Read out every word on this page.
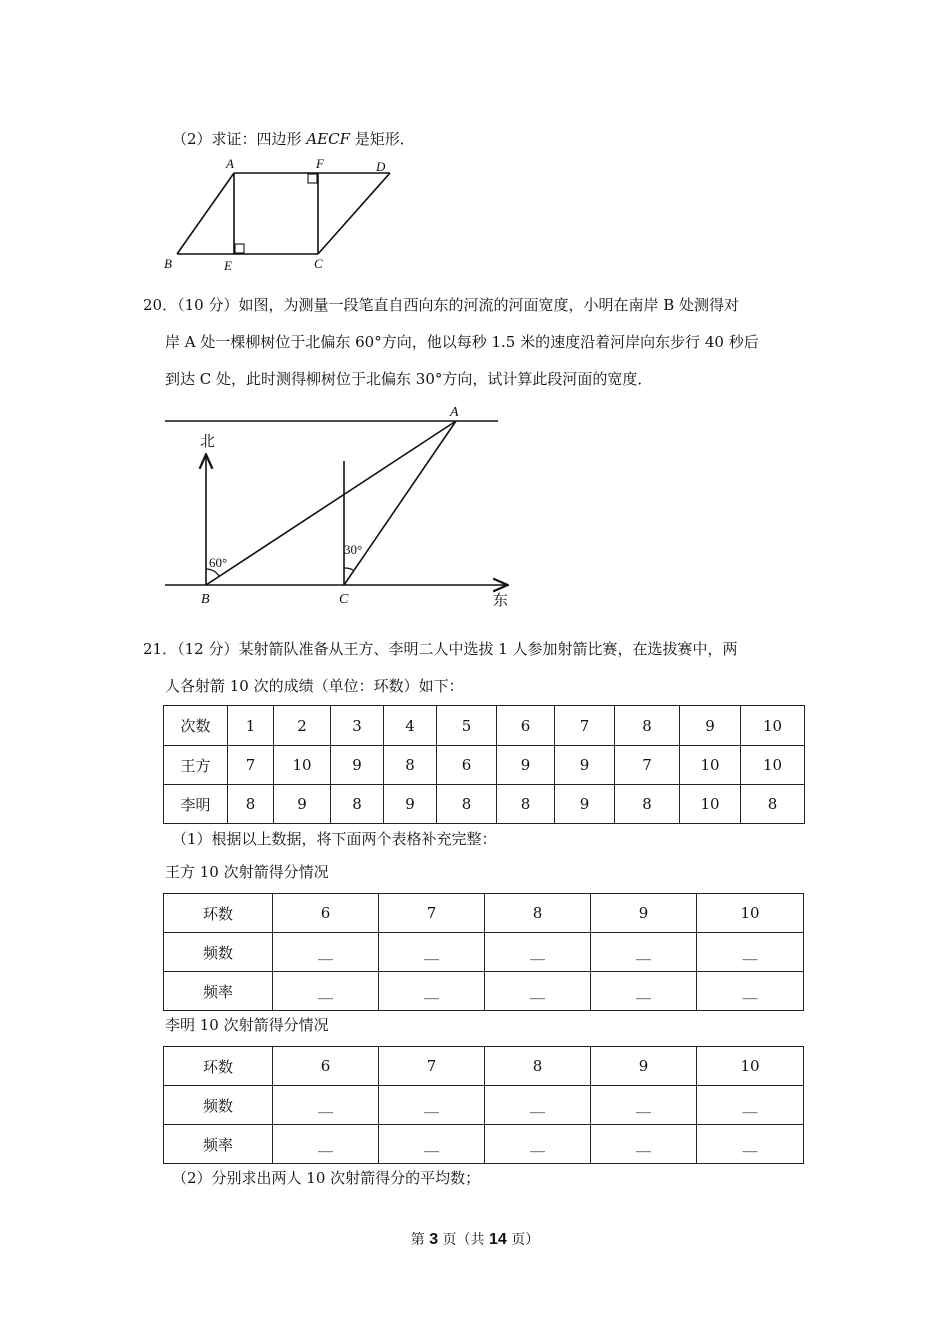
（2）求证：四边形 AECF 是矩形．
A	F	D
B	E	C
20．（10 分）如图，为测量一段笔直自西向东的河流的河面宽度，小明在南岸 B 处测得对
岸 A 处一棵柳树位于北偏东 60°方向，他以每秒 1.5 米的速度沿着河岸向东步行 40 秒后
到达 C 处，此时测得柳树位于北偏东 30°方向，试计算此段河面的宽度．
A
北
东
B	C
60°
30°
21．（12 分）某射箭队准备从王方、李明二人中选拔 1 人参加射箭比赛，在选拔赛中，两
人各射箭 10 次的成绩（单位：环数）如下：
次数	1	2	3	4	5	6	7	8	9	10
王方	7	10	9	8	6	9	9	7	10	10
李明	8	9	8	9	8	8	9	8	10	8
（1）根据以上数据，将下面两个表格补充完整：
王方 10 次射箭得分情况
环数	6	7	8	9	10
频数	＿	＿	＿	＿	＿
频率	＿	＿	＿	＿	＿
李明 10 次射箭得分情况
环数	6	7	8	9	10
频数	＿	＿	＿	＿	＿
频率	＿	＿	＿	＿	＿
（2）分别求出两人 10 次射箭得分的平均数；
第 3 页（共 14 页）
